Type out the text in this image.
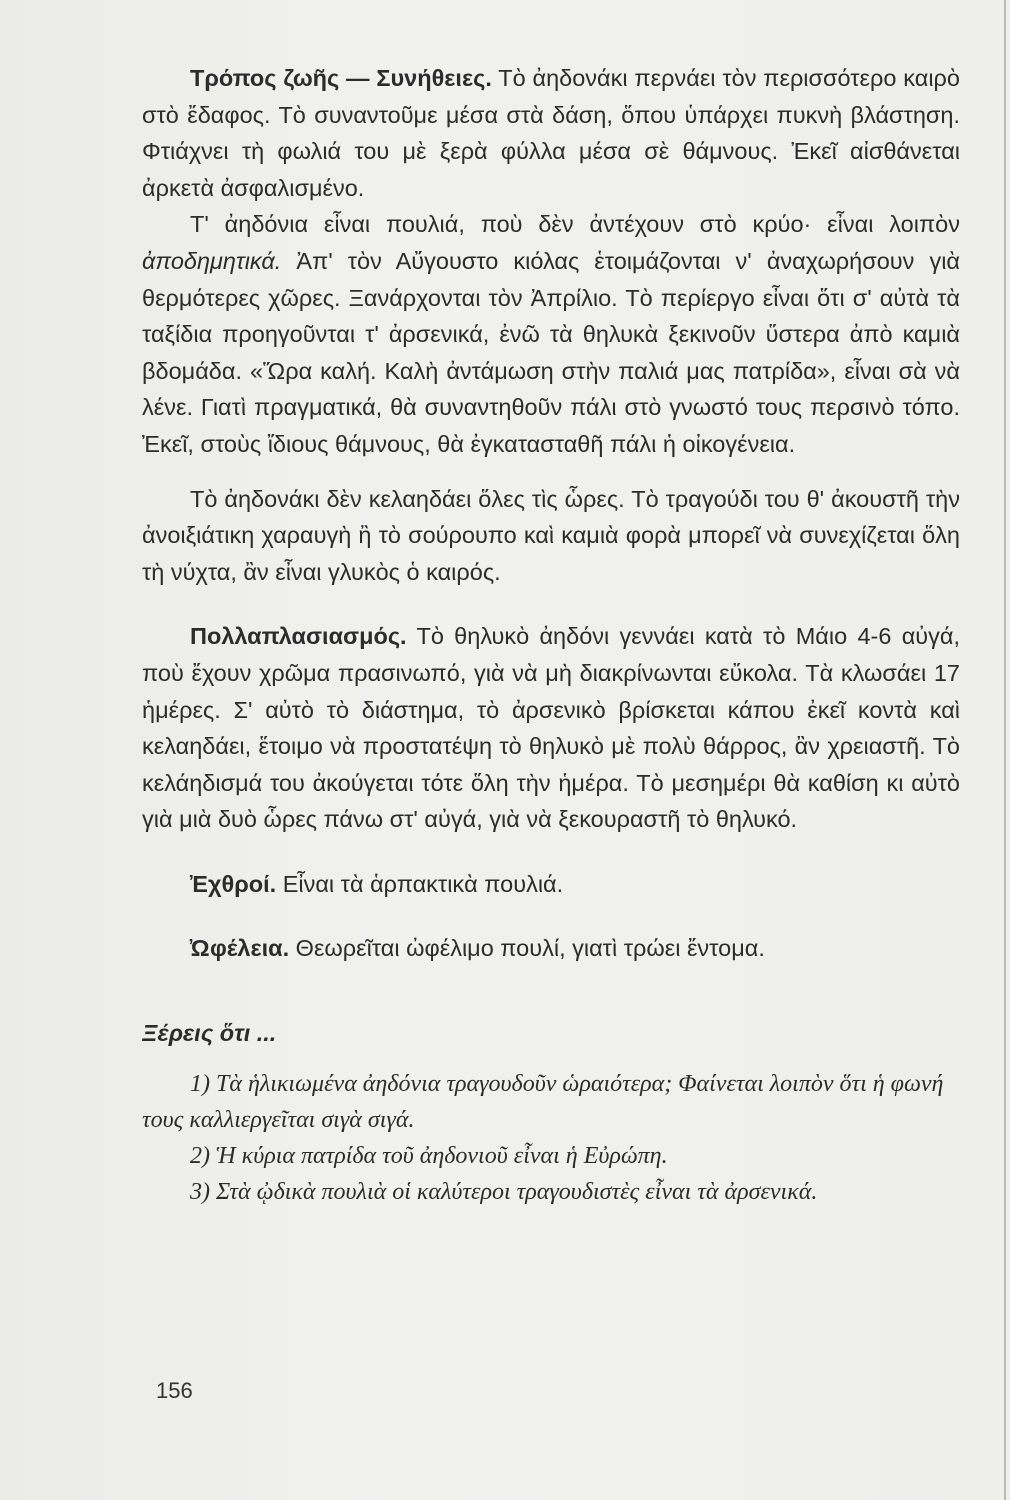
Τρόπος ζωῆς — Συνήθειες. Τὸ ἀηδονάκι περνάει τὸν περισσότερο καιρὸ στὸ ἔδαφος. Τὸ συναντοῦμε μέσα στὰ δάση, ὅπου ὑπάρχει πυκνὴ βλάστηση. Φτιάχνει τὴ φωλιά του μὲ ξερὰ φύλλα μέσα σὲ θάμνους. Ἐκεῖ αἰσθάνεται ἀρκετὰ ἀσφαλισμένο.

Τ' ἀηδόνια εἶναι πουλιά, ποὺ δὲν ἀντέχουν στὸ κρύο· εἶναι λοιπὸν ἀποδημητικά. Ἀπ' τὸν Αὔγουστο κιόλας ἑτοιμάζονται ν' ἀναχωρήσουν γιὰ θερμότερες χῶρες. Ξανάρχονται τὸν Ἀπρίλιο. Τὸ περίεργο εἶναι ὅτι σ' αὐτὰ τὰ ταξίδια προηγοῦνται τ' ἀρσενικά, ἐνῶ τὰ θηλυκὰ ξεκινοῦν ὕστερα ἀπὸ καμιὰ βδομάδα. «Ὥρα καλή. Καλὴ ἀντάμωση στὴν παλιά μας πατρίδα», εἶναι σὰ νὰ λένε. Γιατὶ πραγματικά, θὰ συναντηθοῦν πάλι στὸ γνωστό τους περσινὸ τόπο. Ἐκεῖ, στοὺς ἴδιους θάμνους, θὰ ἐγκατασταθῆ πάλι ἡ οἰκογένεια.

Τὸ ἀηδονάκι δὲν κελαηδάει ὅλες τὶς ὧρες. Τὸ τραγούδι του θ' ἀκουστῆ τὴν ἀνοιξιάτικη χαραυγὴ ἢ τὸ σούρουπο καὶ καμιὰ φορὰ μπορεῖ νὰ συνεχίζεται ὅλη τὴ νύχτα, ἂν εἶναι γλυκὸς ὁ καιρός.

Πολλαπλασιασμός. Τὸ θηλυκὸ ἀηδόνι γεννάει κατὰ τὸ Μάιο 4-6 αὐγά, ποὺ ἔχουν χρῶμα πρασινωπό, γιὰ νὰ μὴ διακρίνωνται εὔκολα. Τὰ κλωσάει 17 ἡμέρες. Σ' αὐτὸ τὸ διάστημα, τὸ ἀρσενικὸ βρίσκεται κάπου ἐκεῖ κοντὰ καὶ κελαηδάει, ἕτοιμο νὰ προστατέψη τὸ θηλυκὸ μὲ πολὺ θάρρος, ἂν χρειαστῆ. Τὸ κελάηδισμά του ἀκούγεται τότε ὅλη τὴν ἡμέρα. Τὸ μεσημέρι θὰ καθίση κι αὐτὸ γιὰ μιὰ δυὸ ὧρες πάνω στ' αὐγά, γιὰ νὰ ξεκουραστῆ τὸ θηλυκό.

Ἐχθροί. Εἶναι τὰ ἁρπακτικὰ πουλιά.

Ὠφέλεια. Θεωρεῖται ὠφέλιμο πουλί, γιατὶ τρώει ἔντομα.

Ξέρεις ὅτι ...

1) Τὰ ἡλικιωμένα ἀηδόνια τραγουδοῦν ὡραιότερα; Φαίνεται λοιπὸν ὅτι ἡ φωνή τους καλλιεργεῖται σιγὰ σιγά.

2) Ἡ κύρια πατρίδα τοῦ ἀηδονιοῦ εἶναι ἡ Εὐρώπη.

3) Στὰ ᾠδικὰ πουλιὰ οἱ καλύτεροι τραγουδιστὲς εἶναι τὰ ἀρσενικά.

156
